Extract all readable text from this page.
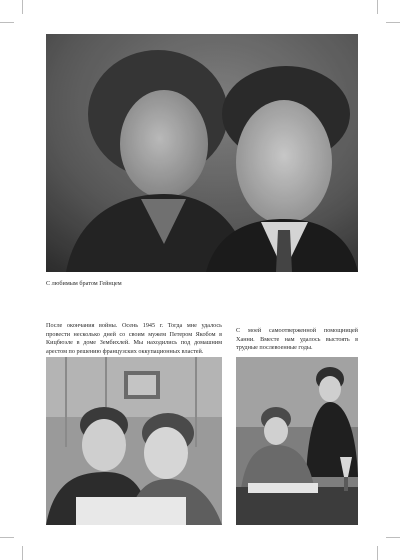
С любимым братом Гейнцем
После окончания войны. Осень 1945 г. Тогда мне удалось провести несколько дней со своим мужем Петером Якобом в Кицбюэле в доме Зембихлей. Мы находились под домашним арестом по решению французских оккупационных властей.
С моей самоотверженной помощницей Ханни. Вместе нам удалось выстоять в трудные послевоенные годы.
